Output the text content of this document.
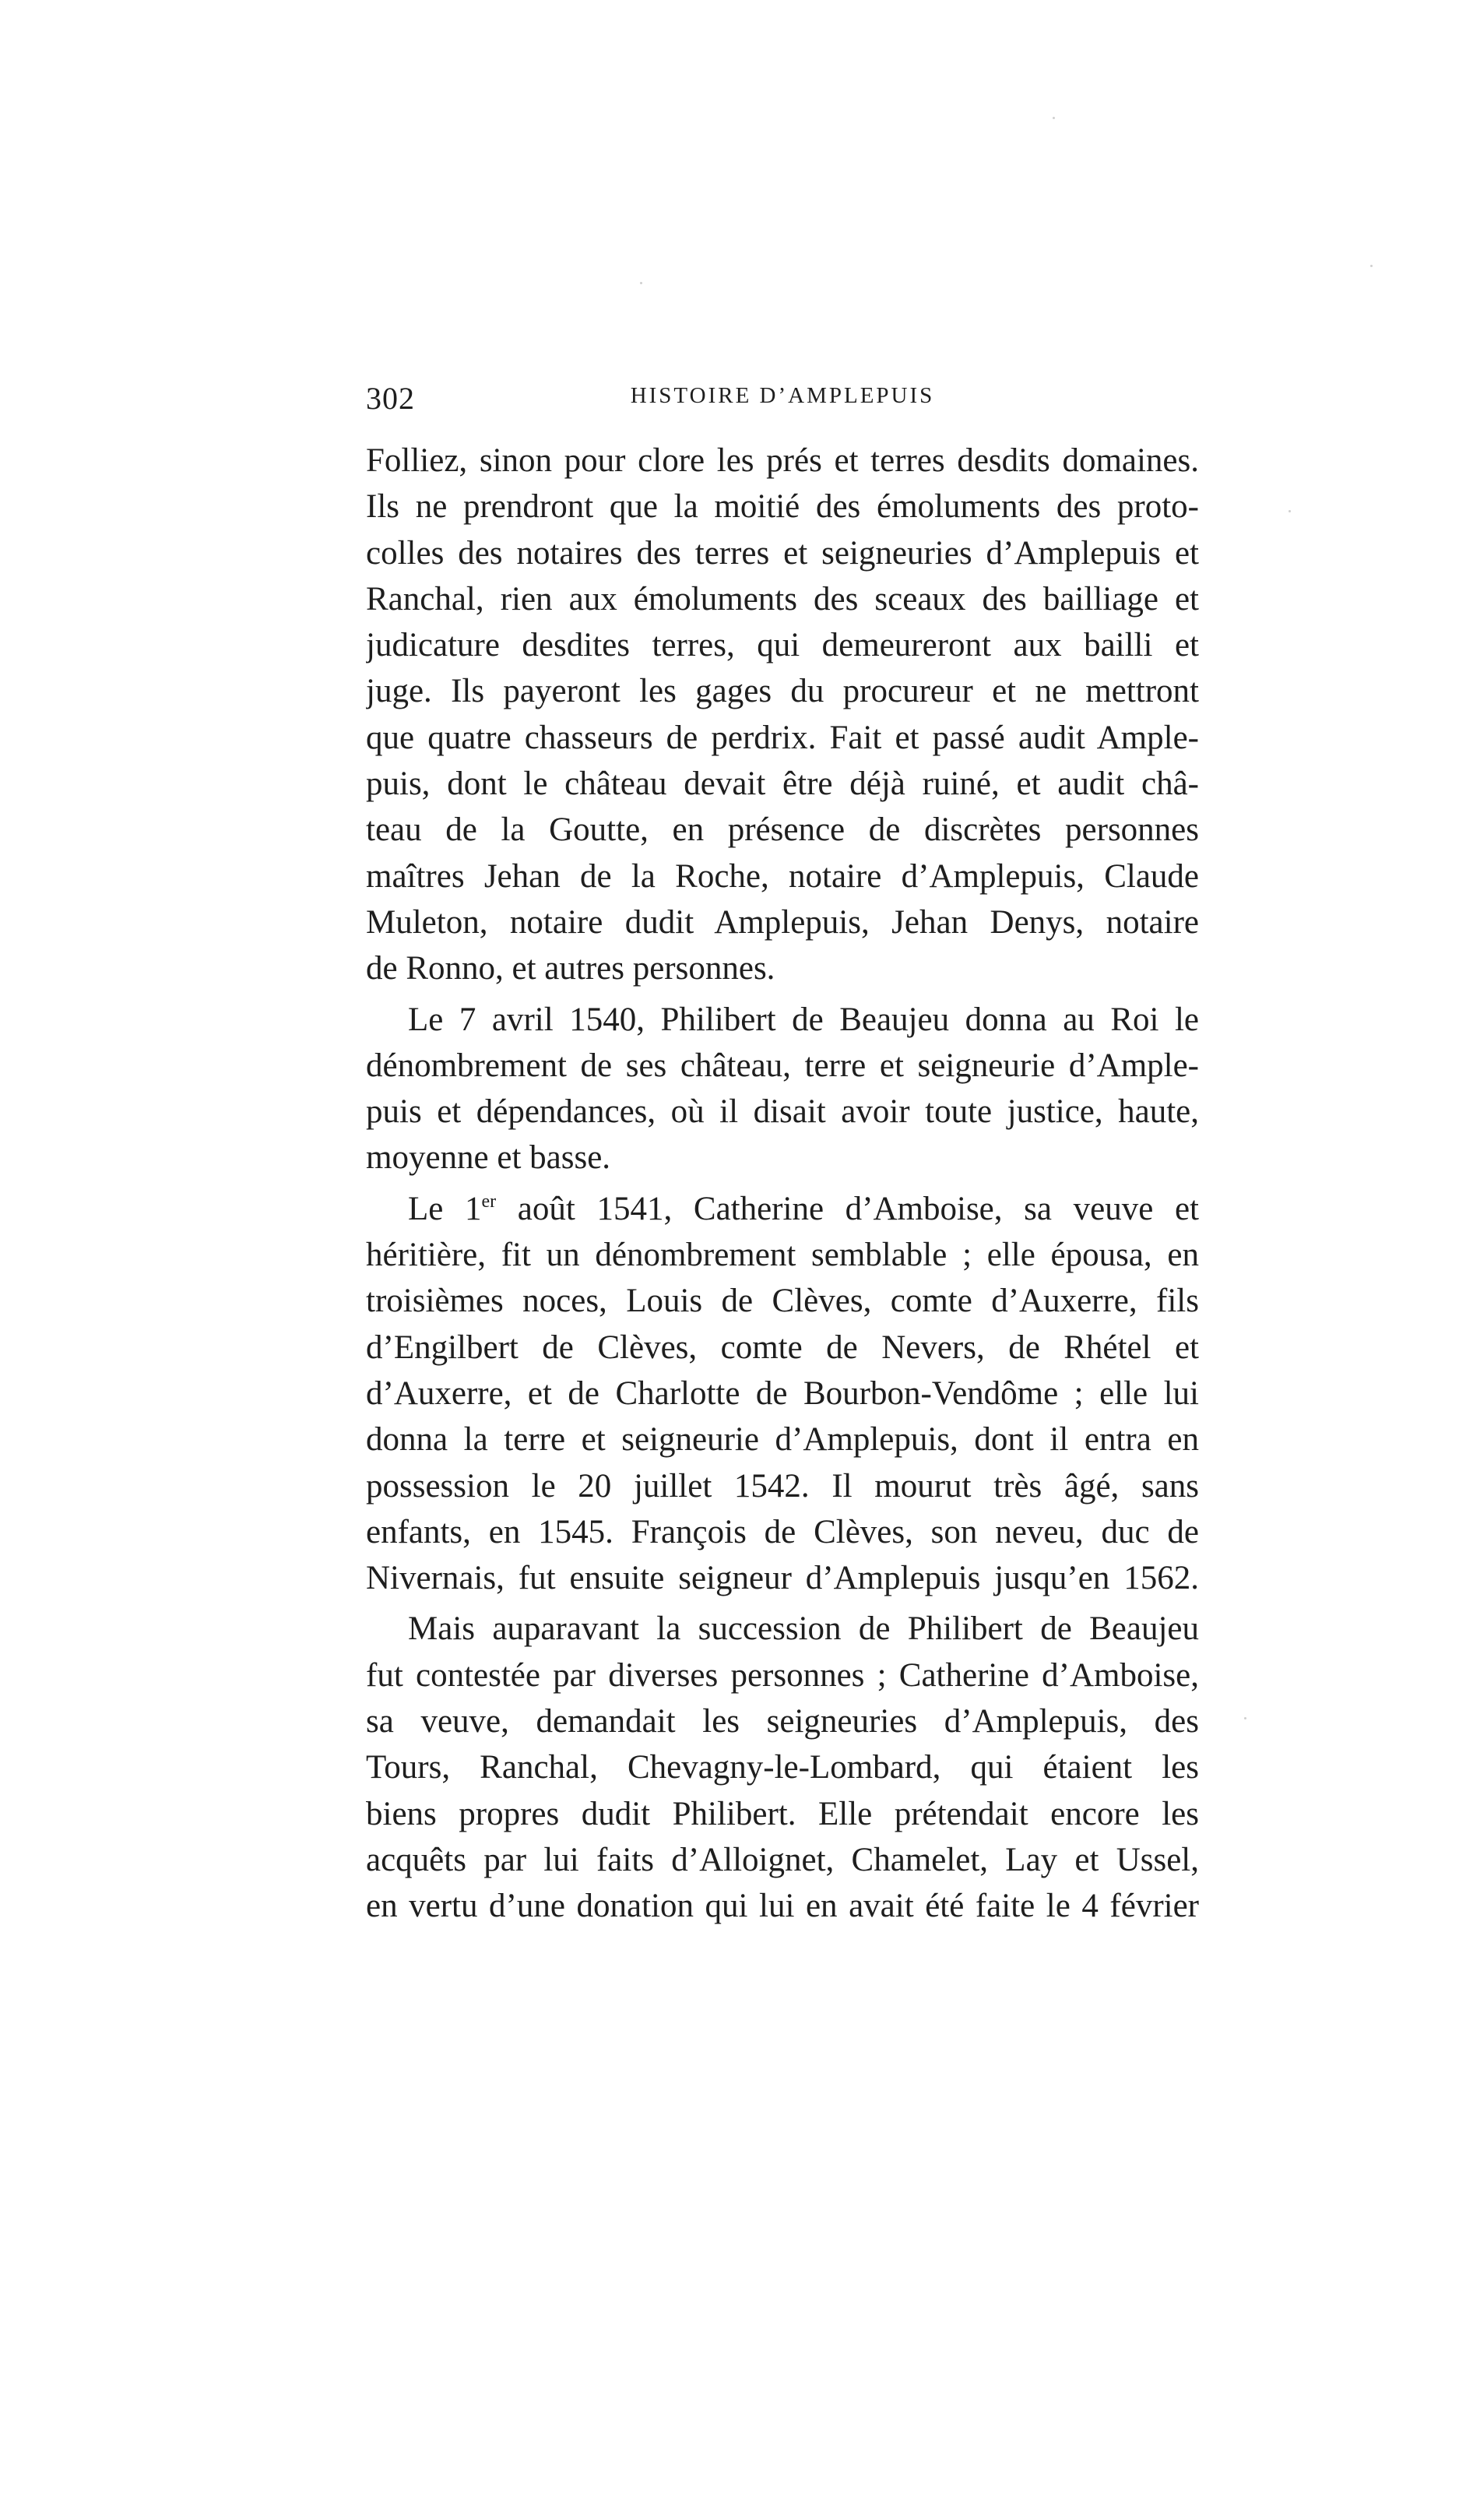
302	HISTOIRE D’AMPLEPUIS
Folliez, sinon pour clore les prés et terres desdits domaines.
Ils ne prendront que la moitié des émoluments des proto-
colles des notaires des terres et seigneuries d’Amplepuis et
Ranchal, rien aux émoluments des sceaux des bailliage et
judicature desdites terres, qui demeureront aux bailli et
juge. Ils payeront les gages du procureur et ne mettront
que quatre chasseurs de perdrix. Fait et passé audit Ample-
puis, dont le château devait être déjà ruiné, et audit châ-
teau de la Goutte, en présence de discrètes personnes
maîtres Jehan de la Roche, notaire d’Amplepuis, Claude
Muleton, notaire dudit Amplepuis, Jehan Denys, notaire
de Ronno, et autres personnes.
Le 7 avril 1540, Philibert de Beaujeu donna au Roi le
dénombrement de ses château, terre et seigneurie d’Ample-
puis et dépendances, où il disait avoir toute justice, haute,
moyenne et basse.
Le 1er août 1541, Catherine d’Amboise, sa veuve et
héritière, fit un dénombrement semblable ; elle épousa, en
troisièmes noces, Louis de Clèves, comte d’Auxerre, fils
d’Engilbert de Clèves, comte de Nevers, de Rhétel et
d’Auxerre, et de Charlotte de Bourbon-Vendôme ; elle lui
donna la terre et seigneurie d’Amplepuis, dont il entra en
possession le 20 juillet 1542. Il mourut très âgé, sans
enfants, en 1545. François de Clèves, son neveu, duc de
Nivernais, fut ensuite seigneur d’Amplepuis jusqu’en 1562.
Mais auparavant la succession de Philibert de Beaujeu
fut contestée par diverses personnes ; Catherine d’Amboise,
sa veuve, demandait les seigneuries d’Amplepuis, des
Tours, Ranchal, Chevagny-le-Lombard, qui étaient les
biens propres dudit Philibert. Elle prétendait encore les
acquêts par lui faits d’Alloignet, Chamelet, Lay et Ussel,
en vertu d’une donation qui lui en avait été faite le 4 février
